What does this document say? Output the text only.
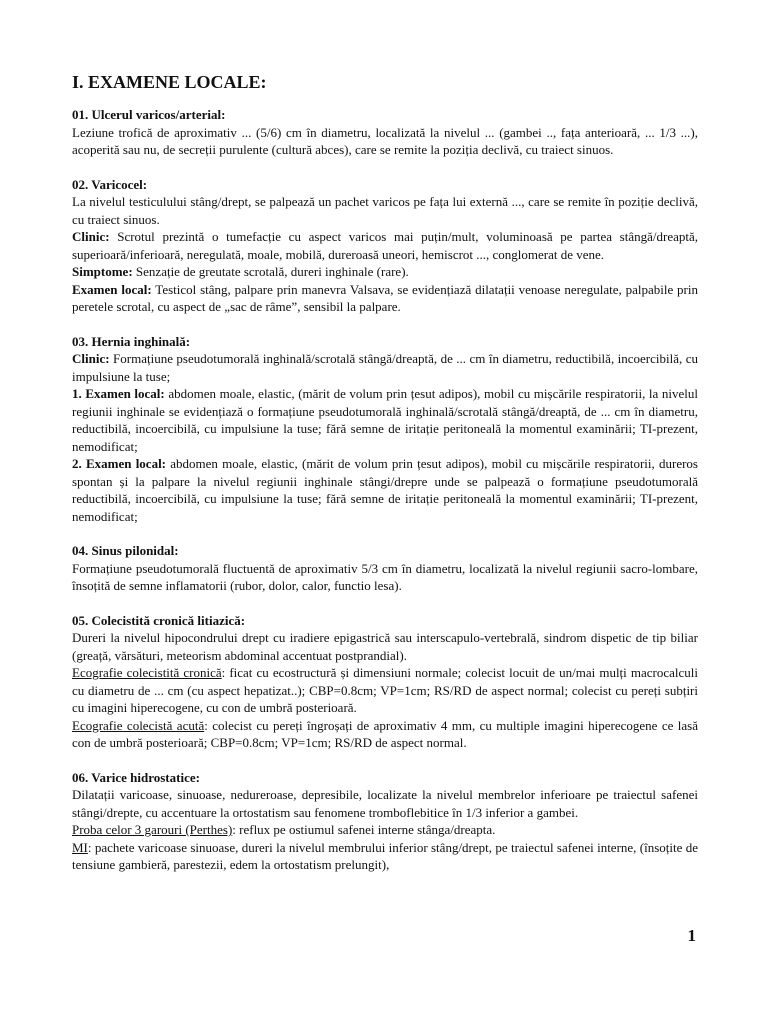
I. EXAMENE LOCALE:
01. Ulcerul varicos/arterial:
Leziune trofică de aproximativ ... (5/6) cm în diametru, localizată la nivelul ... (gambei .., fața anterioară, ... 1/3 ...), acoperită sau nu, de secreții purulente (cultură abces), care se remite la poziția declivă, cu traiect sinuos.
02. Varicocel:
La nivelul testiculului stâng/drept, se palpează un pachet varicos pe fața lui externă ..., care se remite în poziție declivă, cu traiect sinuos.
Clinic: Scrotul prezintă o tumefacție cu aspect varicos mai puțin/mult, voluminoasă pe partea stângă/dreaptă, superioară/inferioară, neregulată, moale, mobilă, dureroasă uneori, hemiscrot ..., conglomerat de vene.
Simptome: Senzație de greutate scrotală, dureri inghinale (rare).
Examen local: Testicol stâng, palpare prin manevra Valsava, se evidențiază dilatații venoase neregulate, palpabile prin peretele scrotal, cu aspect de „sac de râme”, sensibil la palpare.
03. Hernia inghinală:
Clinic: Formațiune pseudotumorală inghinală/scrotală stângă/dreaptă, de ... cm în diametru, reductibilă, incoercibilă, cu impulsiune la tuse;
1. Examen local: abdomen moale, elastic, (mărit de volum prin țesut adipos), mobil cu mișcările respiratorii, la nivelul regiunii inghinale se evidențiază o formațiune pseudotumorală inghinală/scrotală stângă/dreaptă, de ... cm în diametru, reductibilă, incoercibilă, cu impulsiune la tuse; fără semne de iritație peritoneală la momentul examinării; TI-prezent, nemodificat;
2. Examen local: abdomen moale, elastic, (mărit de volum prin țesut adipos), mobil cu mișcările respiratorii, dureros spontan și la palpare la nivelul regiunii inghinale stângi/drepre unde se palpează o formațiune pseudotumorală reductibilă, incoercibilă, cu impulsiune la tuse; fără semne de iritație peritoneală la momentul examinării; TI-prezent, nemodificat;
04. Sinus pilonidal:
Formațiune pseudotumorală fluctuentă de aproximativ 5/3 cm în diametru, localizată la nivelul regiunii sacro-lombare, însoțită de semne inflamatorii (rubor, dolor, calor, functio lesa).
05. Colecistită cronică litiazică:
Dureri la nivelul hipocondrului drept cu iradiere epigastrică sau interscapulo-vertebrală, sindrom dispetic de tip biliar (greață, vărsături, meteorism abdominal accentuat postprandial).
Ecografie colecistită cronică: ficat cu ecostructură și dimensiuni normale; colecist locuit de un/mai mulți macrocalculi cu diametru de ... cm (cu aspect hepatizat..); CBP=0.8cm; VP=1cm; RS/RD de aspect normal; colecist cu pereți subțiri cu imagini hiperecogene, cu con de umbră posterioară.
Ecografie colecistă acută: colecist cu pereți îngroșați de aproximativ 4 mm, cu multiple imagini hiperecogene ce lasă con de umbră posterioară; CBP=0.8cm; VP=1cm; RS/RD de aspect normal.
06. Varice hidrostatice:
Dilatații varicoase, sinuoase, nedureroase, depresibile, localizate la nivelul membrelor inferioare pe traiectul safenei stângi/drepte, cu accentuare la ortostatism sau fenomene tromboflebitice în 1/3 inferior a gambei.
Proba celor 3 garouri (Perthes): reflux pe ostiumul safenei interne stânga/dreapta.
MI: pachete varicoase sinuoase, dureri la nivelul membrului inferior stâng/drept, pe traiectul safenei interne, (însoțite de tensiune gambieră, parestezii, edem la ortostatism prelungit),
1
